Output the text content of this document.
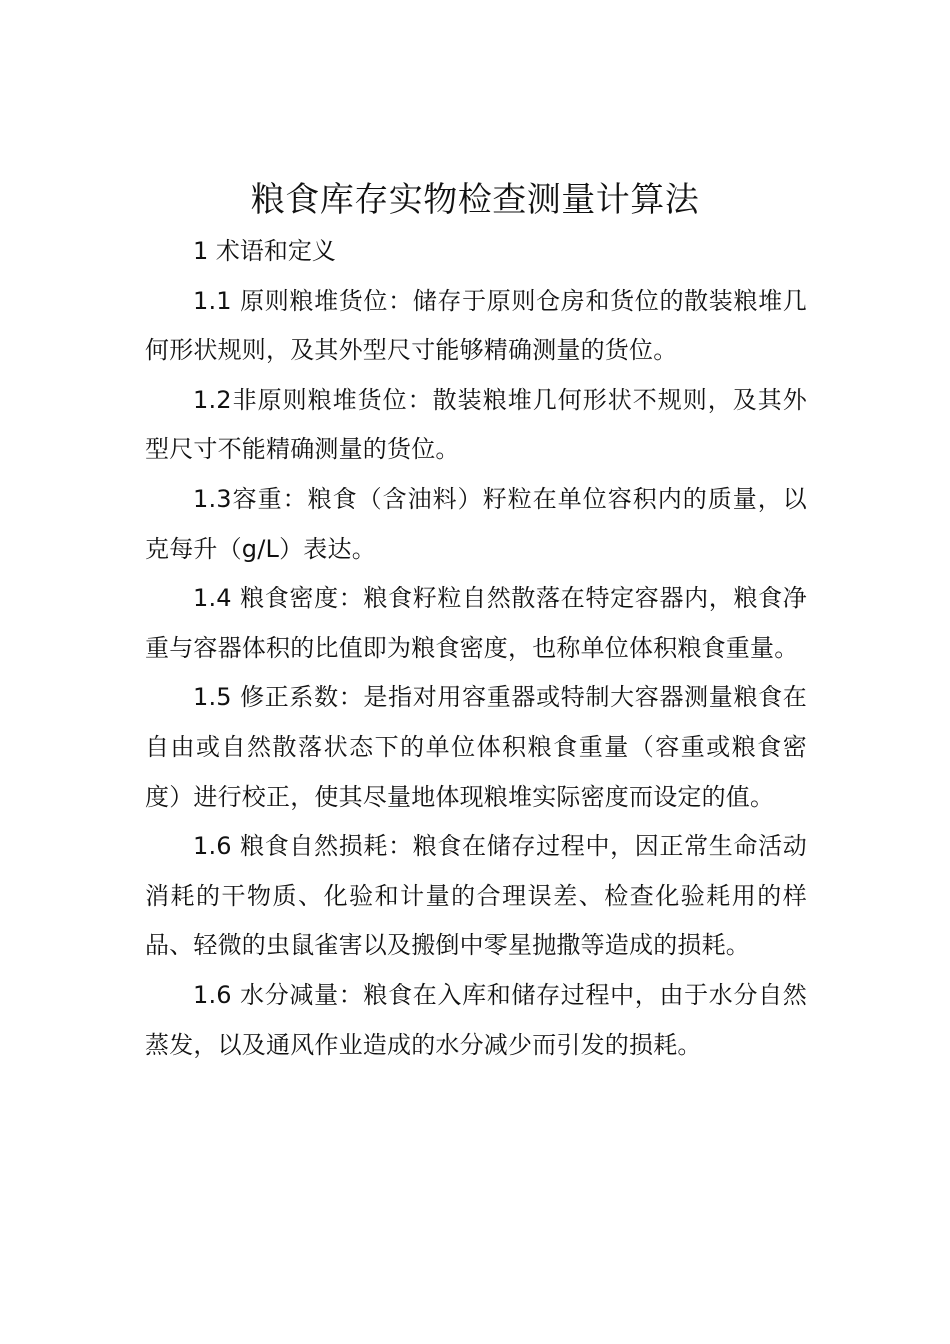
粮食库存实物检查测量计算法

1 术语和定义

1.1 原则粮堆货位：储存于原则仓房和货位的散装粮堆几何形状规则，及其外型尺寸能够精确测量的货位。

1.2非原则粮堆货位：散装粮堆几何形状不规则，及其外型尺寸不能精确测量的货位。

1.3容重：粮食（含油料）籽粒在单位容积内的质量，以克每升（g/L）表达。

1.4 粮食密度：粮食籽粒自然散落在特定容器内，粮食净重与容器体积的比值即为粮食密度，也称单位体积粮食重量。

1.5 修正系数：是指对用容重器或特制大容器测量粮食在自由或自然散落状态下的单位体积粮食重量（容重或粮食密度）进行校正，使其尽量地体现粮堆实际密度而设定的值。

1.6 粮食自然损耗：粮食在储存过程中，因正常生命活动消耗的干物质、化验和计量的合理误差、检查化验耗用的样品、轻微的虫鼠雀害以及搬倒中零星抛撒等造成的损耗。

1.6 水分减量：粮食在入库和储存过程中，由于水分自然蒸发，以及通风作业造成的水分减少而引发的损耗。
